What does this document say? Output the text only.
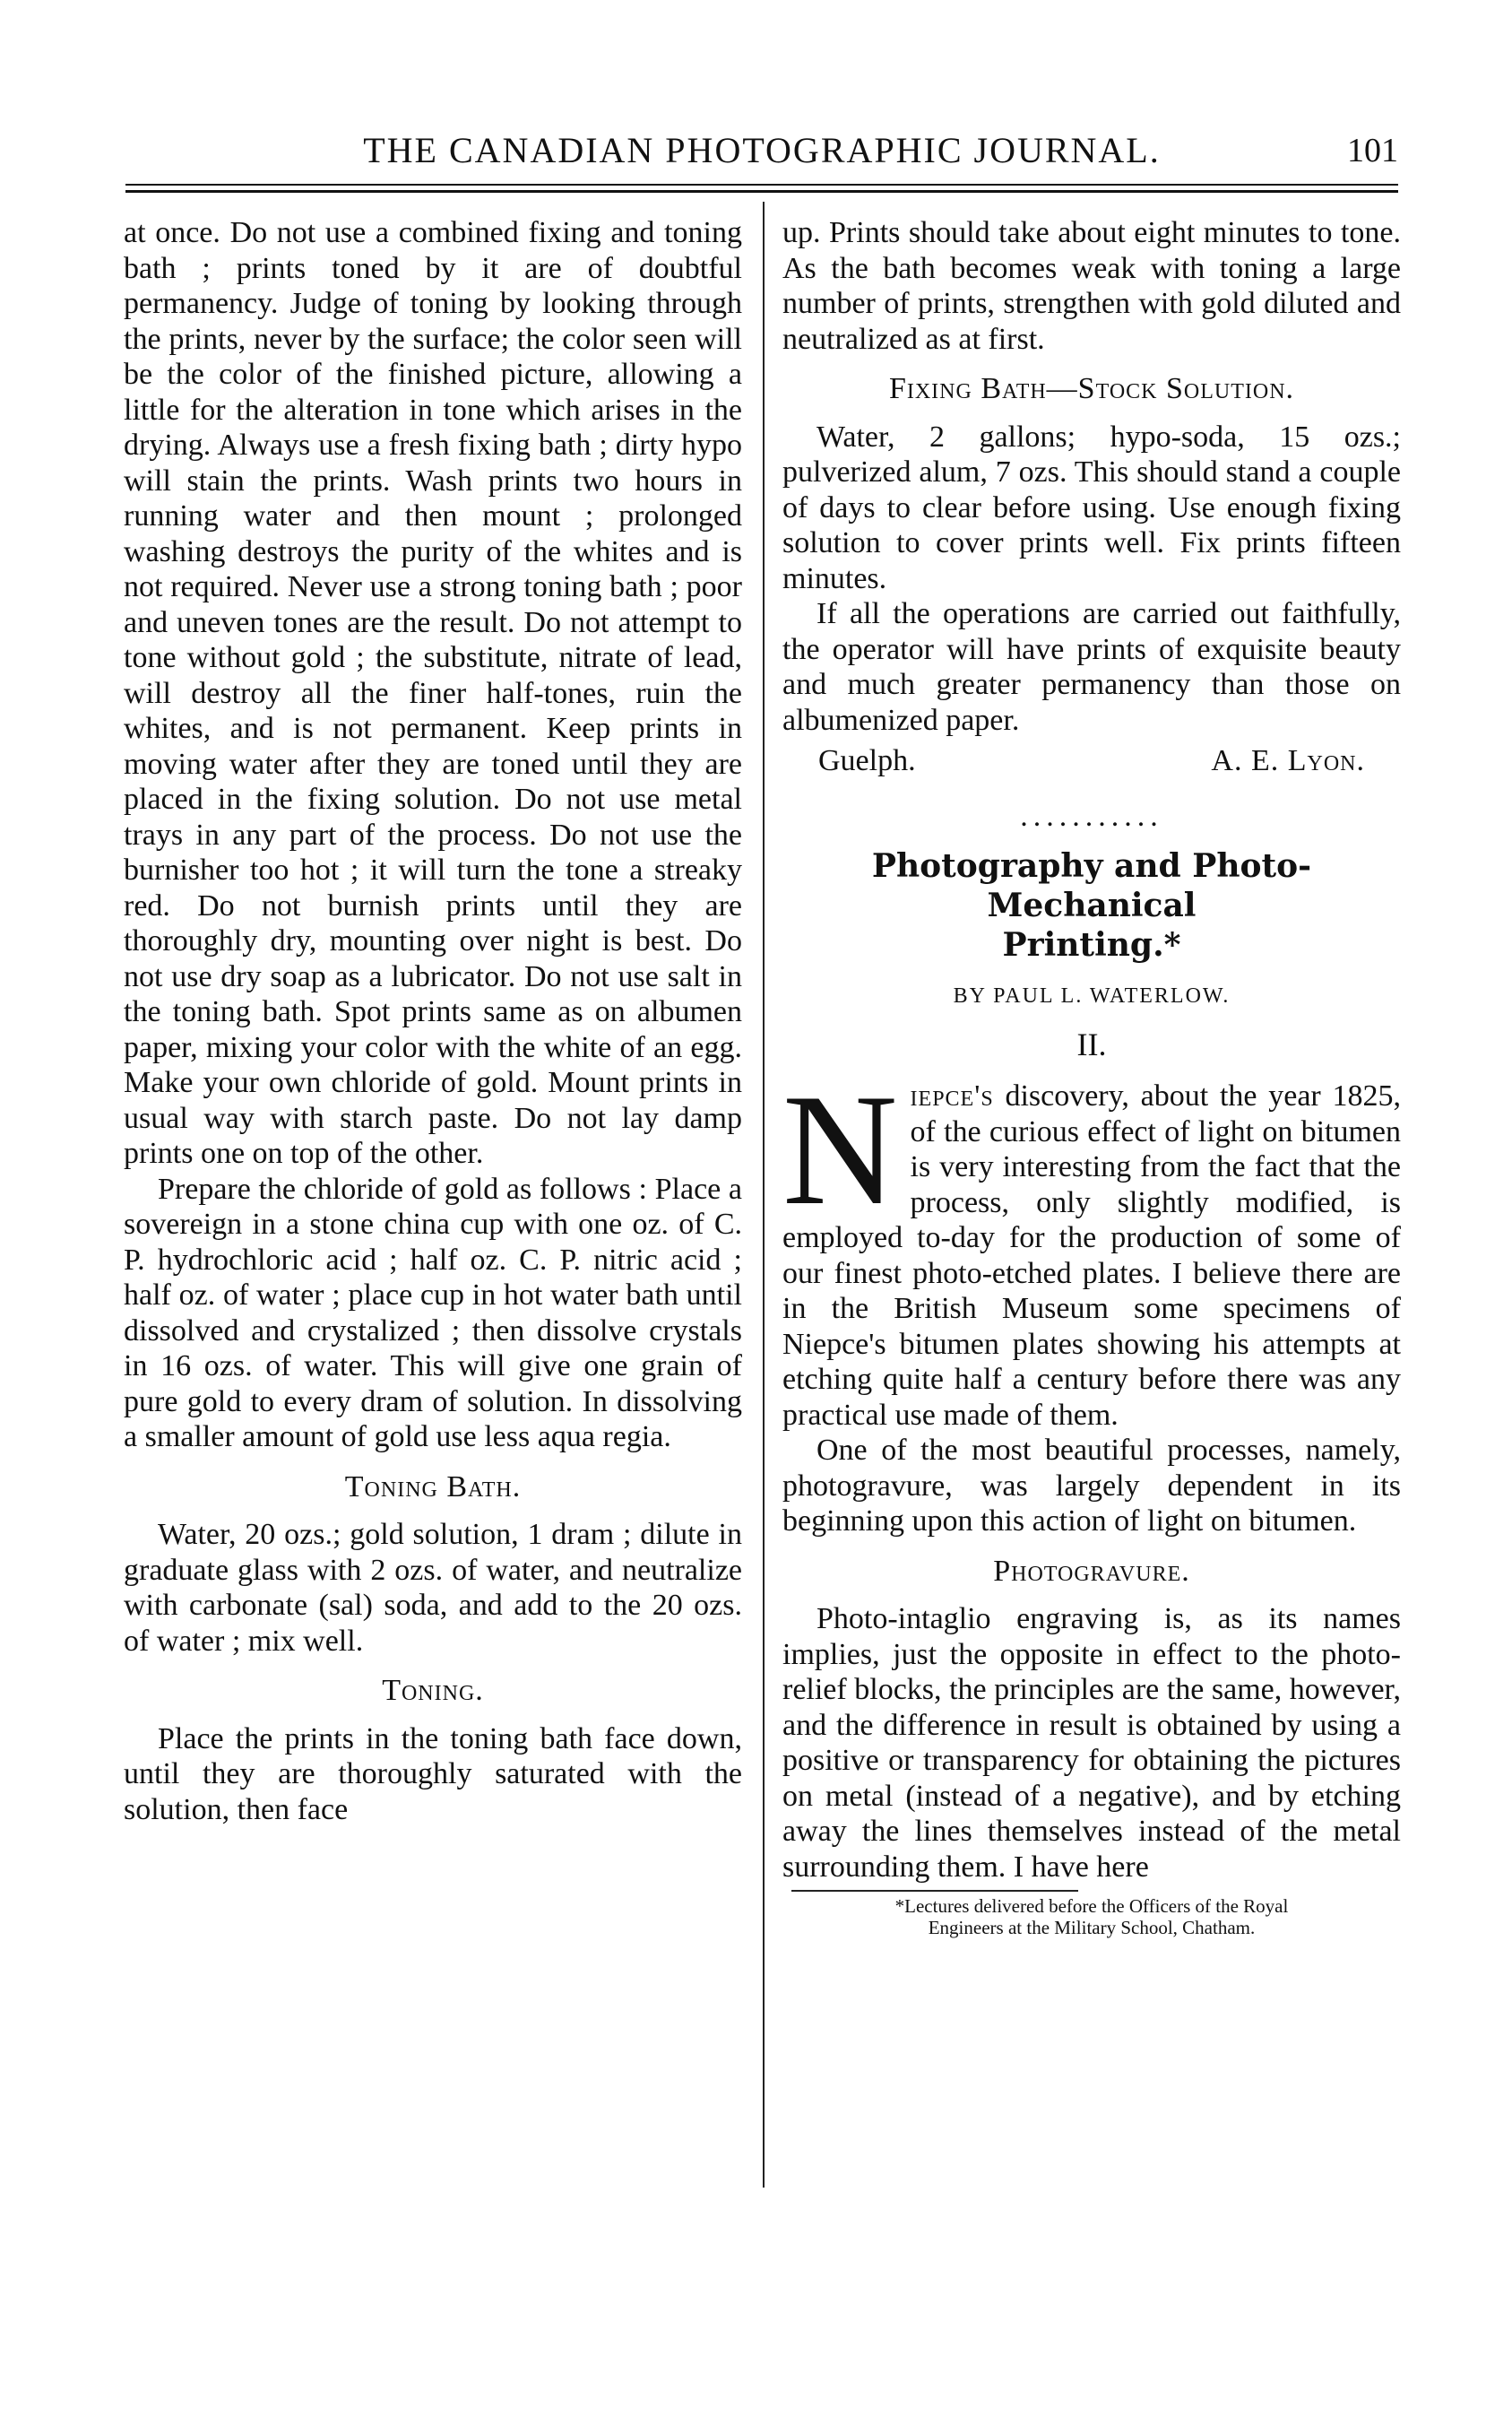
THE CANADIAN PHOTOGRAPHIC JOURNAL.	101

at once. Do not use a combined fixing and toning bath ; prints toned by it are of doubtful permanency. Judge of toning by looking through the prints, never by the surface; the color seen will be the color of the finished picture, allowing a little for the alteration in tone which arises in the drying. Always use a fresh fixing bath ; dirty hypo will stain the prints. Wash prints two hours in running water and then mount ; prolonged washing destroys the purity of the whites and is not required. Never use a strong toning bath ; poor and uneven tones are the result. Do not attempt to tone without gold ; the substitute, nitrate of lead, will destroy all the finer half-tones, ruin the whites, and is not permanent. Keep prints in moving water after they are toned until they are placed in the fixing solution. Do not use metal trays in any part of the process. Do not use the burnisher too hot ; it will turn the tone a streaky red. Do not burnish prints until they are thoroughly dry, mounting over night is best. Do not use dry soap as a lubricator. Do not use salt in the toning bath. Spot prints same as on albumen paper, mixing your color with the white of an egg. Make your own chloride of gold. Mount prints in usual way with starch paste. Do not lay damp prints one on top of the other.

Prepare the chloride of gold as follows : Place a sovereign in a stone china cup with one oz. of C. P. hydrochloric acid ; half oz. C. P. nitric acid ; half oz. of water ; place cup in hot water bath until dissolved and crystalized ; then dissolve crystals in 16 ozs. of water. This will give one grain of pure gold to every dram of solution. In dissolving a smaller amount of gold use less aqua regia.

Toning Bath.

Water, 20 ozs.; gold solution, 1 dram ; dilute in graduate glass with 2 ozs. of water, and neutralize with carbonate (sal) soda, and add to the 20 ozs. of water ; mix well.

Toning.

Place the prints in the toning bath face down, until they are thoroughly saturated with the solution, then face

up. Prints should take about eight minutes to tone. As the bath becomes weak with toning a large number of prints, strengthen with gold diluted and neutralized as at first.

Fixing Bath—Stock Solution.

Water, 2 gallons; hypo-soda, 15 ozs.; pulverized alum, 7 ozs. This should stand a couple of days to clear before using. Use enough fixing solution to cover prints well. Fix prints fifteen minutes.

If all the operations are carried out faithfully, the operator will have prints of exquisite beauty and much greater permanency than those on albumenized paper.

Guelph.	A. E. Lyon.
...........
Photography and Photo-Mechanical
Printing.*
BY PAUL L. WATERLOW.
II.

Niepce's discovery, about the year 1825, of the curious effect of light on bitumen is very interesting from the fact that the process, only slightly modified, is employed to-day for the production of some of our finest photo-etched plates. I believe there are in the British Museum some specimens of Niepce's bitumen plates showing his attempts at etching quite half a century before there was any practical use made of them.

One of the most beautiful processes, namely, photogravure, was largely dependent in its beginning upon this action of light on bitumen.

Photogravure.

Photo-intaglio engraving is, as its names implies, just the opposite in effect to the photo-relief blocks, the principles are the same, however, and the difference in result is obtained by using a positive or transparency for obtaining the pictures on metal (instead of a negative), and by etching away the lines themselves instead of the metal surrounding them. I have here

*Lectures delivered before the Officers of the Royal
Engineers at the Military School, Chatham.
